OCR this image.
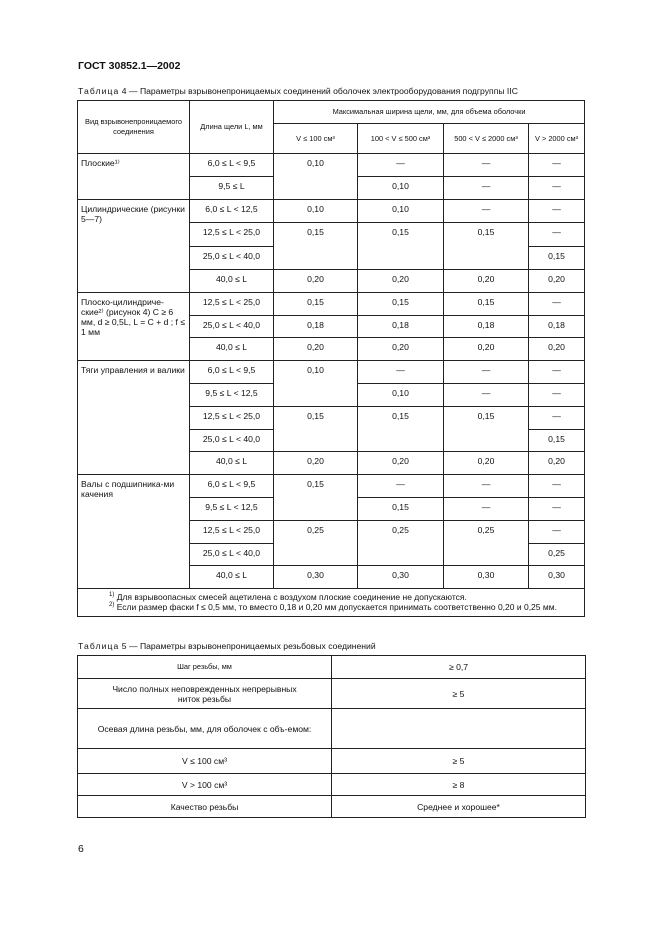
ГОСТ 30852.1—2002
Таблица 4 — Параметры взрывонепроницаемых соединений оболочек электрооборудования подгруппы IIC
Вид взрывонепроницаемого соединения	Длина щели L, мм	Максимальная ширина щели, мм, для объема оболочки			
		V ≤ 100 см³	100 < V ≤ 500 см³	500 < V ≤ 2000 см³	V > 2000 см³
Плоские¹⁾	6,0 ≤ L < 9,5	0,10	—	—	—
	9,5 ≤ L		0,10	—	—
Цилиндрические (рисунки 5—7)	6,0 ≤ L < 12,5	0,10	0,10	—	—
	12,5 ≤ L < 25,0	0,15	0,15	0,15	—
	25,0 ≤ L < 40,0				0,15
	40,0 ≤ L	0,20	0,20	0,20	0,20
Плоско-цилиндриче-ские²⁾ (рисунок 4) C ≥ 6 мм, d ≥ 0,5L, L = C + d ; f ≤ 1 мм	12,5 ≤ L < 25,0	0,15	0,15	0,15	—
	25,0 ≤ L < 40,0	0,18	0,18	0,18	0,18
	40,0 ≤ L	0,20	0,20	0,20	0,20
Тяги управления и валики	6,0 ≤ L < 9,5	0,10	—	—	—
	9,5 ≤ L < 12,5		0,10	—	—
	12,5 ≤ L < 25,0	0,15	0,15	0,15	—
	25,0 ≤ L < 40,0				0,15
	40,0 ≤ L	0,20	0,20	0,20	0,20
Валы с подшипника-ми качения	6,0 ≤ L < 9,5	0,15	—	—	—
	9,5 ≤ L < 12,5		0,15	—	—
	12,5 ≤ L < 25,0	0,25	0,25	0,25	—
	25,0 ≤ L < 40,0				0,25
	40,0 ≤ L	0,30	0,30	0,30	0,30

$^{1)}$ Для взрывоопасных смесей ацетилена с воздухом плоские соединение не допускаются.
$^{2)}$ Если размер фаски f ≤ 0,5 мм, то вместо 0,18 и 0,20 мм допускается принимать соответственно 0,20 и 0,25 мм.					
Таблица 5 — Параметры взрывонепроницаемых резьбовых соединений
Шаг резьбы, мм	≥ 0,7
Число полных неповрежденных непрерывных ниток резьбы	≥ 5
Осевая длина резьбы, мм, для оболочек с объ-емом:	
V ≤ 100 см³	≥ 5
V > 100 см³	≥ 8
Качество резьбы	Среднее и хорошее*
6
